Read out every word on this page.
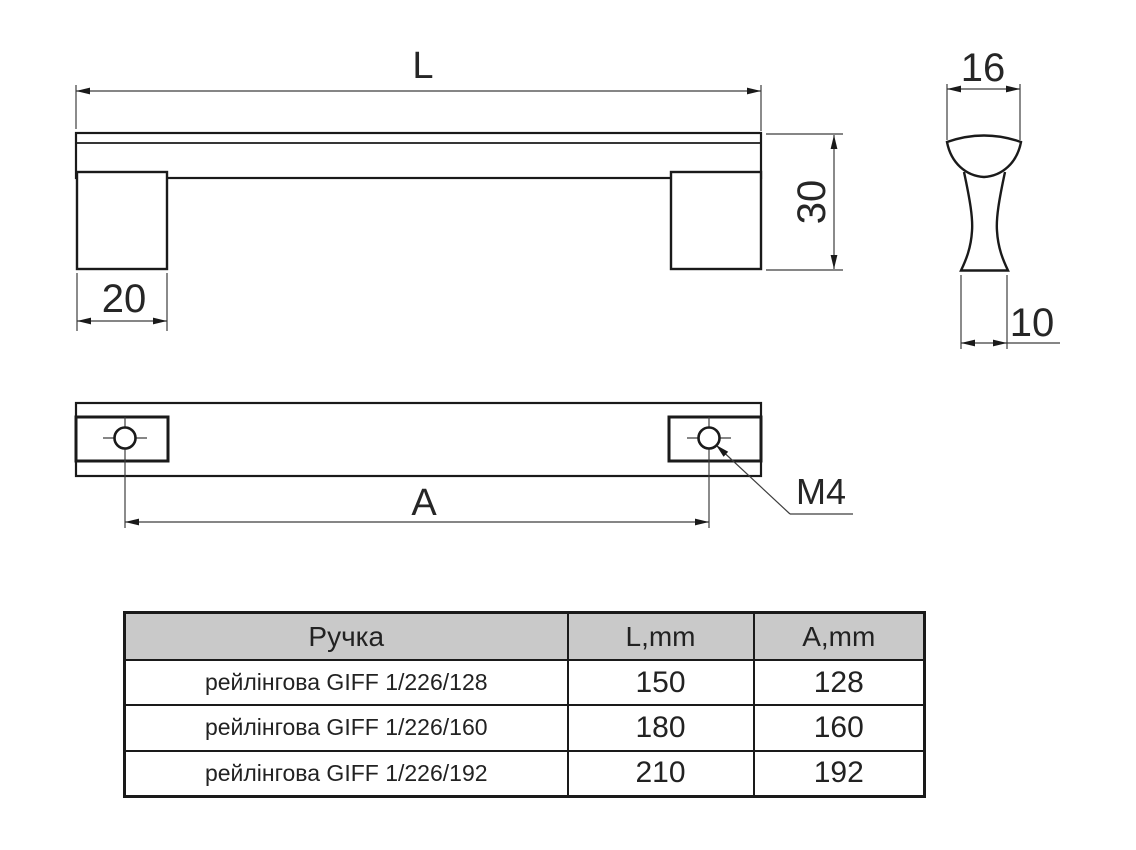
L
30
20
16
10
A	M4
Ручка	L,mm	A,mm
рейлінгова GIFF 1/226/128	150	128
рейлінгова GIFF 1/226/160	180	160
рейлінгова GIFF 1/226/192	210	192
